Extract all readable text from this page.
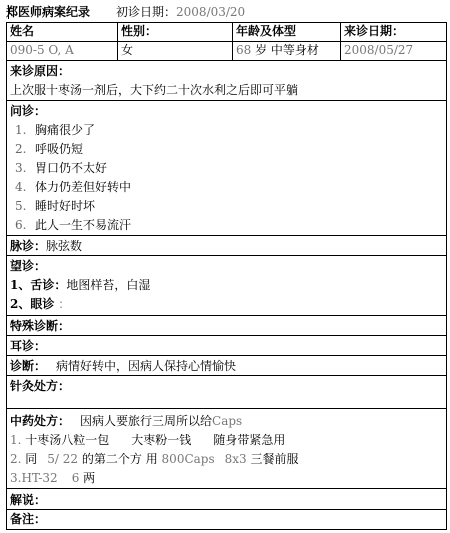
郑医师病案纪录 初诊日期：2008/03/20
姓名	性别：	年龄及体型	来诊日期：
090-5 O, A	女	68 岁 中等身材	2008/05/27
来诊原因：
上次服十枣汤一剂后，大下约二十次水利之后即可平躺
问诊：
1. 胸痛很少了
2. 呼吸仍短
3. 胃口仍不太好
4. 体力仍差但好转中
5. 睡时好时坏
6. 此人一生不易流汗
脉诊：脉弦数
望诊：
1、舌诊：地图样苔，白湿
2、眼诊 ：
特殊诊断：
耳诊：
诊断： 病情好转中，因病人保持心情愉快
针灸处方：
中药处方： 因病人要旅行三周所以给Caps
1. 十枣汤八粒一包 大枣粉一钱 随身带紧急用
2. 同 5/ 22 的第二个方 用 800Caps 8x3 三餐前服
3.HT-32 6 两
解说：
备注：
